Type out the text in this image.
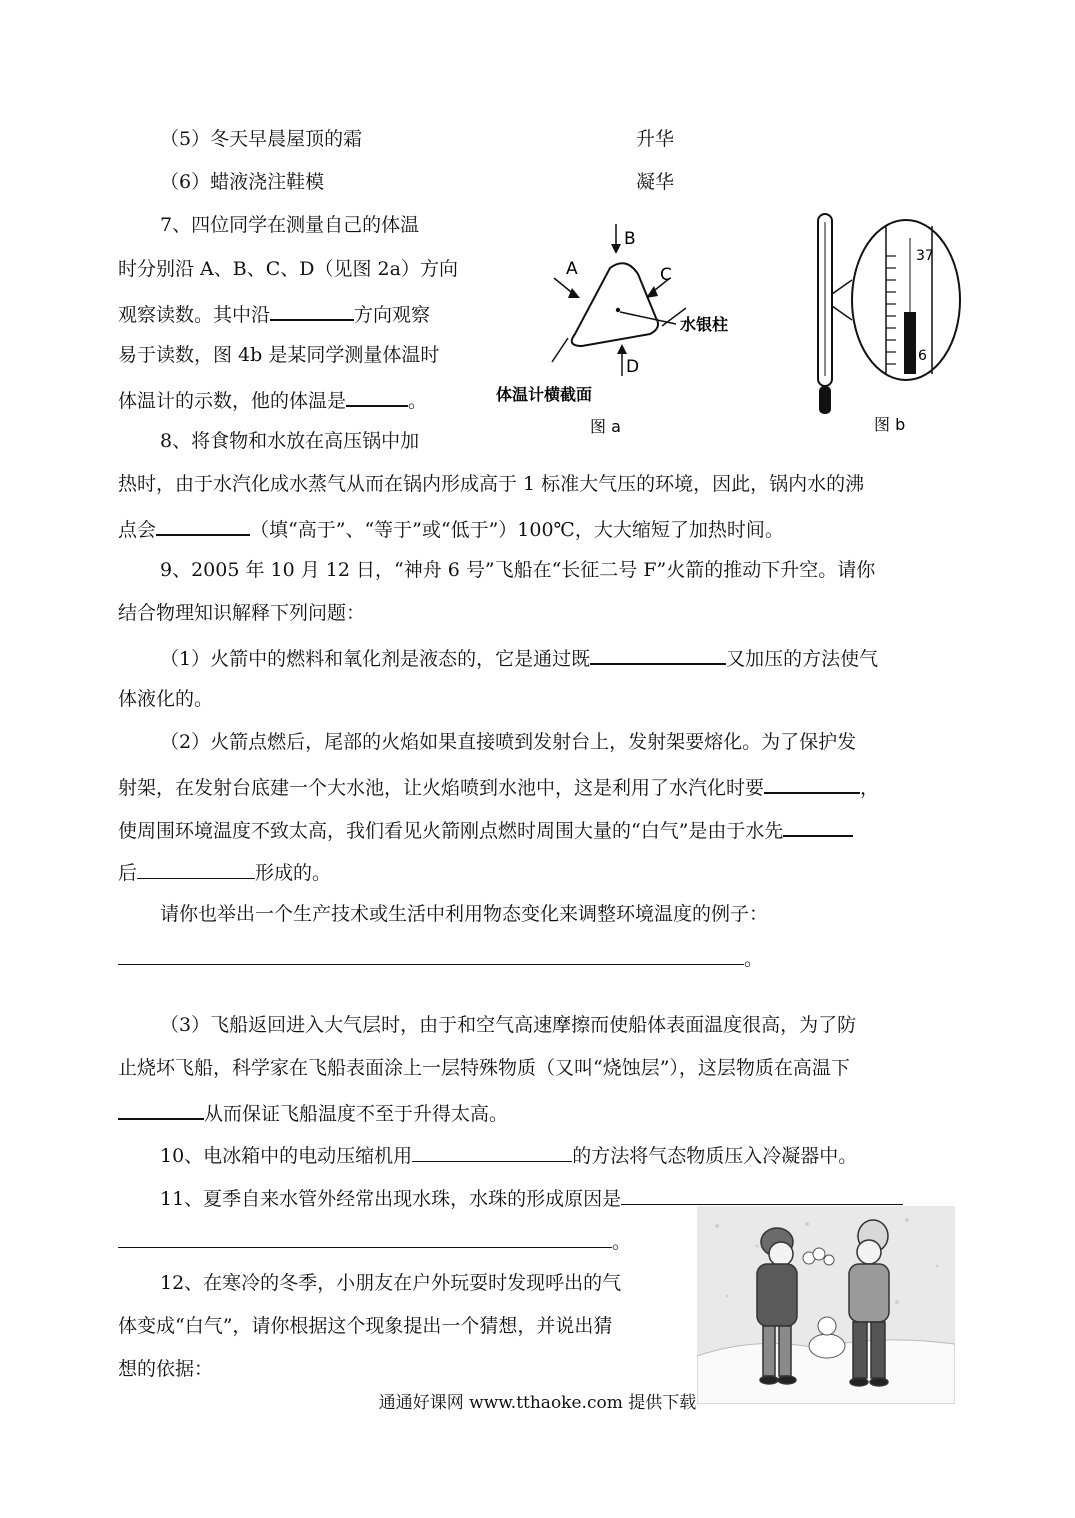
（5）冬天早晨屋顶的霜	升华
（6）蜡液浇注鞋模	凝华
7、四位同学在测量自己的体温
时分别沿 A、B、C、D（见图 2a）方向
观察读数。其中沿	方向观察
易于读数，图 4b 是某同学测量体温时
体温计的示数，他的体温是	。
B
A	C
D
水银柱
体温计横截面
图 a
37
6
图 b
8、将食物和水放在高压锅中加
热时，由于水汽化成水蒸气从而在锅内形成高于 1 标准大气压的环境，因此，锅内水的沸
点会	（填“高于”、“等于”或“低于”）100℃，大大缩短了加热时间。
9、2005 年 10 月 12 日，“神舟 6 号”飞船在“长征二号 F”火箭的推动下升空。请你
结合物理知识解释下列问题：
（1）火箭中的燃料和氧化剂是液态的，它是通过既	又加压的方法使气
体液化的。
（2）火箭点燃后，尾部的火焰如果直接喷到发射台上，发射架要熔化。为了保护发
射架，在发射台底建一个大水池，让火焰喷到水池中，这是利用了水汽化时要	，
使周围环境温度不致太高，我们看见火箭刚点燃时周围大量的“白气”是由于水先
后	形成的。
请你也举出一个生产技术或生活中利用物态变化来调整环境温度的例子：
。
（3）飞船返回进入大气层时，由于和空气高速摩擦而使船体表面温度很高，为了防
止烧坏飞船，科学家在飞船表面涂上一层特殊物质（又叫“烧蚀层”），这层物质在高温下
从而保证飞船温度不至于升得太高。
10、电冰箱中的电动压缩机用	的方法将气态物质压入冷凝器中。
11、夏季自来水管外经常出现水珠，水珠的形成原因是
。
12、在寒冷的冬季，小朋友在户外玩耍时发现呼出的气
体变成“白气”，请你根据这个现象提出一个猜想，并说出猜
想的依据：
通通好课网 www.tthaoke.com 提供下载
